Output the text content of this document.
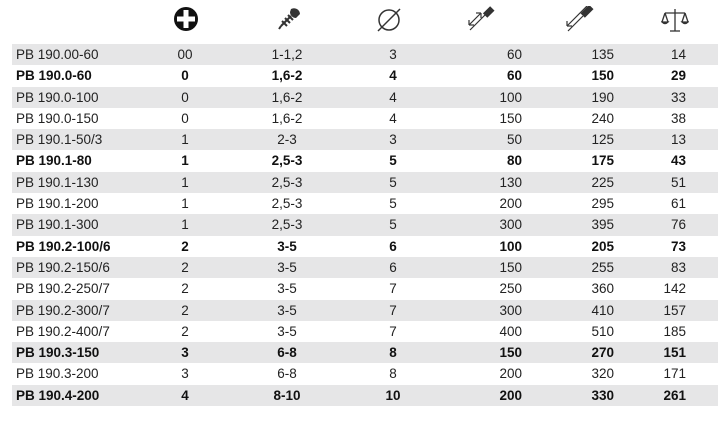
PB 190.00-60	00	1-1,2	3	60	135	14
PB 190.0-60	0	1,6-2	4	60	150	29
PB 190.0-100	0	1,6-2	4	100	190	33
PB 190.0-150	0	1,6-2	4	150	240	38
PB 190.1-50/3	1	2-3	3	50	125	13
PB 190.1-80	1	2,5-3	5	80	175	43
PB 190.1-130	1	2,5-3	5	130	225	51
PB 190.1-200	1	2,5-3	5	200	295	61
PB 190.1-300	1	2,5-3	5	300	395	76
PB 190.2-100/6	2	3-5	6	100	205	73
PB 190.2-150/6	2	3-5	6	150	255	83
PB 190.2-250/7	2	3-5	7	250	360	142
PB 190.2-300/7	2	3-5	7	300	410	157
PB 190.2-400/7	2	3-5	7	400	510	185
PB 190.3-150	3	6-8	8	150	270	151
PB 190.3-200	3	6-8	8	200	320	171
PB 190.4-200	4	8-10	10	200	330	261
